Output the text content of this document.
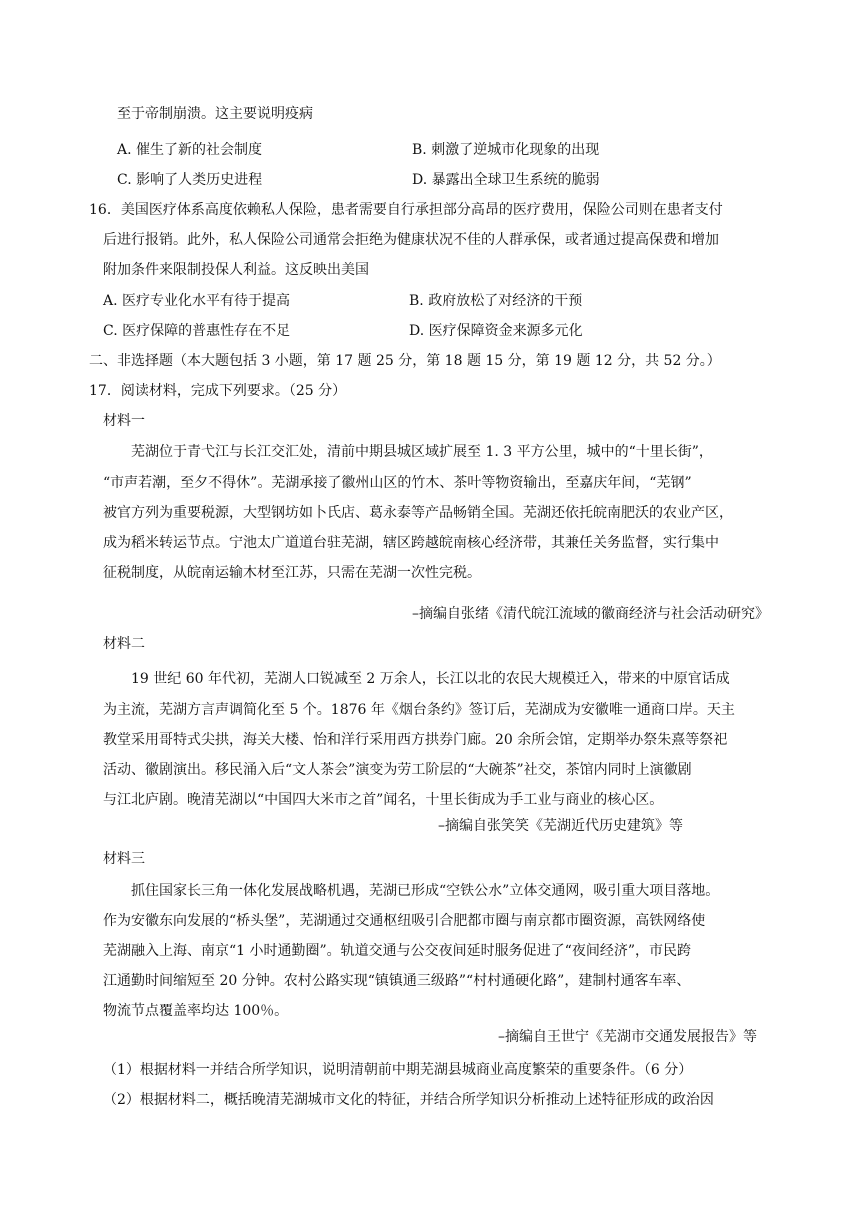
至于帝制崩溃。这主要说明疫病
A. 催生了新的社会制度	B. 刺激了逆城市化现象的出现
C. 影响了人类历史进程	D. 暴露出全球卫生系统的脆弱
16．美国医疗体系高度依赖私人保险，患者需要自行承担部分高昂的医疗费用，保险公司则在患者支付
后进行报销。此外，私人保险公司通常会拒绝为健康状况不佳的人群承保，或者通过提高保费和增加
附加条件来限制投保人利益。这反映出美国
A. 医疗专业化水平有待于提高	B. 政府放松了对经济的干预
C. 医疗保障的普惠性存在不足	D. 医疗保障资金来源多元化
二、非选择题（本大题包括 3 小题，第 17 题 25 分，第 18 题 15 分，第 19 题 12 分，共 52 分。）
17．阅读材料，完成下列要求。（25 分）
材料一
芜湖位于青弋江与长江交汇处，清前中期县城区域扩展至 1. 3 平方公里，城中的“十里长街”，
“市声若潮，至夕不得休”。芜湖承接了徽州山区的竹木、茶叶等物资输出，至嘉庆年间，“芜钢”
被官方列为重要税源，大型钢坊如卜氏店、葛永泰等产品畅销全国。芜湖还依托皖南肥沃的农业产区，
成为稻米转运节点。宁池太广道道台驻芜湖，辖区跨越皖南核心经济带，其兼任关务监督，实行集中
征税制度，从皖南运输木材至江苏，只需在芜湖一次性完税。
–摘编自张绪《清代皖江流域的徽商经济与社会活动研究》
材料二
19 世纪 60 年代初，芜湖人口锐减至 2 万余人，长江以北的农民大规模迁入，带来的中原官话成
为主流，芜湖方言声调简化至 5 个。1876 年《烟台条约》签订后，芜湖成为安徽唯一通商口岸。天主
教堂采用哥特式尖拱，海关大楼、怡和洋行采用西方拱券门廊。20 余所会馆，定期举办祭朱熹等祭祀
活动、徽剧演出。移民涌入后“文人茶会”演变为劳工阶层的“大碗茶”社交，茶馆内同时上演徽剧
与江北庐剧。晚清芜湖以“中国四大米市之首”闻名，十里长街成为手工业与商业的核心区。
–摘编自张笑笑《芜湖近代历史建筑》等
材料三
抓住国家长三角一体化发展战略机遇，芜湖已形成“空铁公水”立体交通网，吸引重大项目落地。
作为安徽东向发展的“桥头堡”，芜湖通过交通枢纽吸引合肥都市圈与南京都市圈资源，高铁网络使
芜湖融入上海、南京“1 小时通勤圈”。轨道交通与公交夜间延时服务促进了“夜间经济”，市民跨
江通勤时间缩短至 20 分钟。农村公路实现“镇镇通三级路”“村村通硬化路”，建制村通客车率、
物流节点覆盖率均达 100％。
–摘编自王世宁《芜湖市交通发展报告》等
（1）根据材料一并结合所学知识，说明清朝前中期芜湖县城商业高度繁荣的重要条件。（6 分）
（2）根据材料二，概括晚清芜湖城市文化的特征，并结合所学知识分析推动上述特征形成的政治因
